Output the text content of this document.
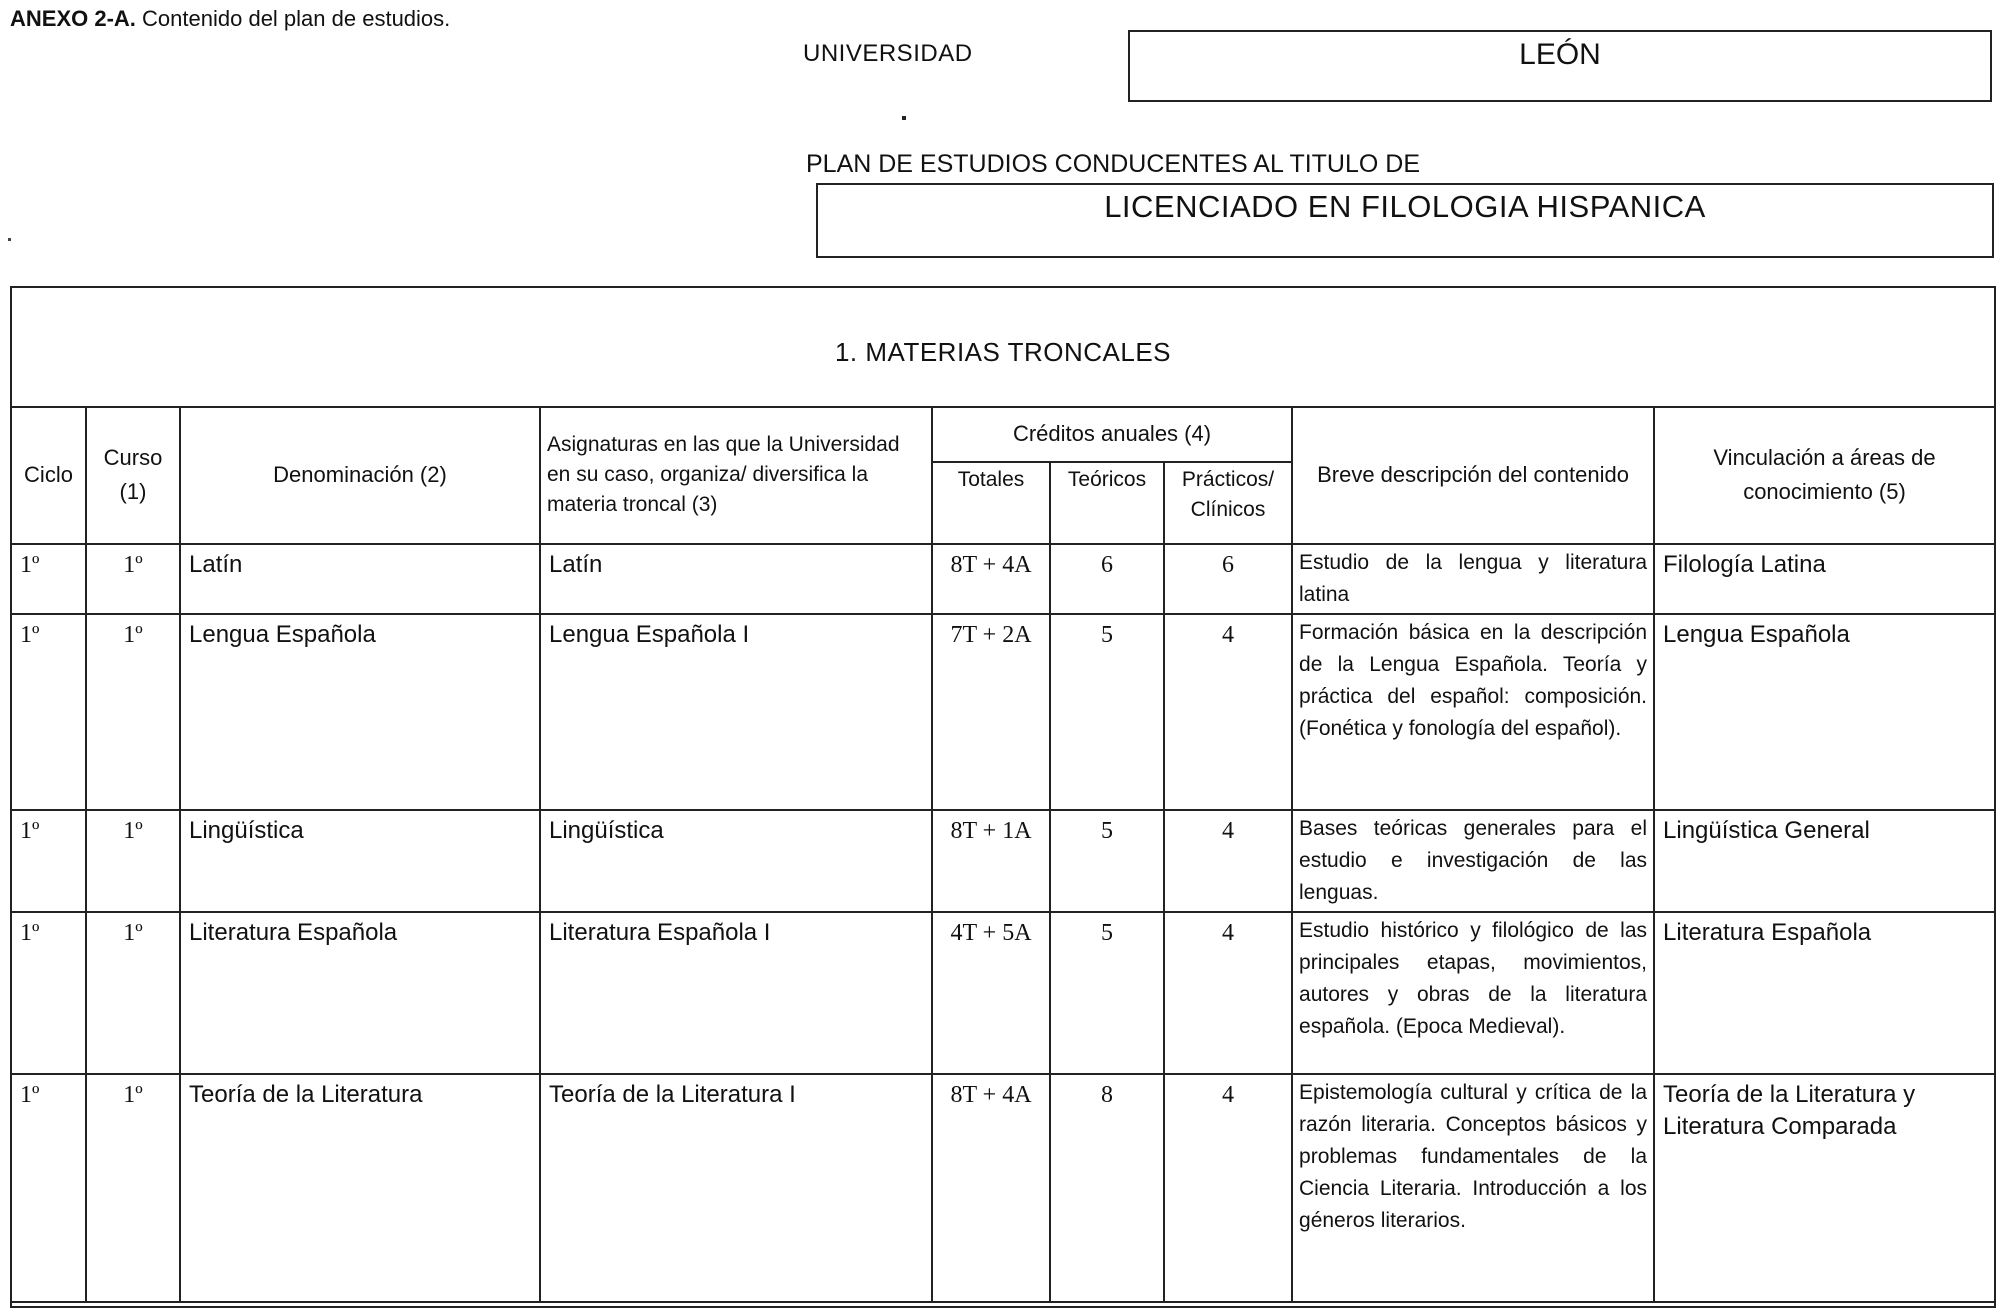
ANEXO 2-A. Contenido del plan de estudios.
UNIVERSIDAD	LEÓN
PLAN DE ESTUDIOS CONDUCENTES AL TITULO DE
LICENCIADO EN FILOLOGIA HISPANICA
1. MATERIAS TRONCALES
Ciclo	Curso (1)	Denominación (2)	Asignaturas en las que la Universidad en su caso, organiza/ diversifica la materia troncal (3)	Créditos anuales (4)			Breve descripción del contenido	Vinculación a áreas de conocimiento (5)
				Totales	Teóricos	Prácticos/ Clínicos		
1º	1º	Latín	Latín	8T + 4A	6	6	Estudio de la lengua y literatura latina	Filología Latina
1º	1º	Lengua Española	Lengua Española I	7T + 2A	5	4	Formación básica en la descripción de la Lengua Española. Teoría y práctica del español: composición. (Fonética y fonología del español).	Lengua Española
1º	1º	Lingüística	Lingüística	8T + 1A	5	4	Bases teóricas generales para el estudio e investigación de las lenguas.	Lingüística General
1º	1º	Literatura Española	Literatura Española I	4T + 5A	5	4	Estudio histórico y filológico de las principales etapas, movimientos, autores y obras de la literatura española. (Epoca Medieval).	Literatura Española
1º	1º	Teoría de la Literatura	Teoría de la Literatura I	8T + 4A	8	4	Epistemología cultural y crítica de la razón literaria. Conceptos básicos y problemas fundamentales de la Ciencia Literaria. Introducción a los géneros literarios.	Teoría de la Literatura y Literatura Comparada
